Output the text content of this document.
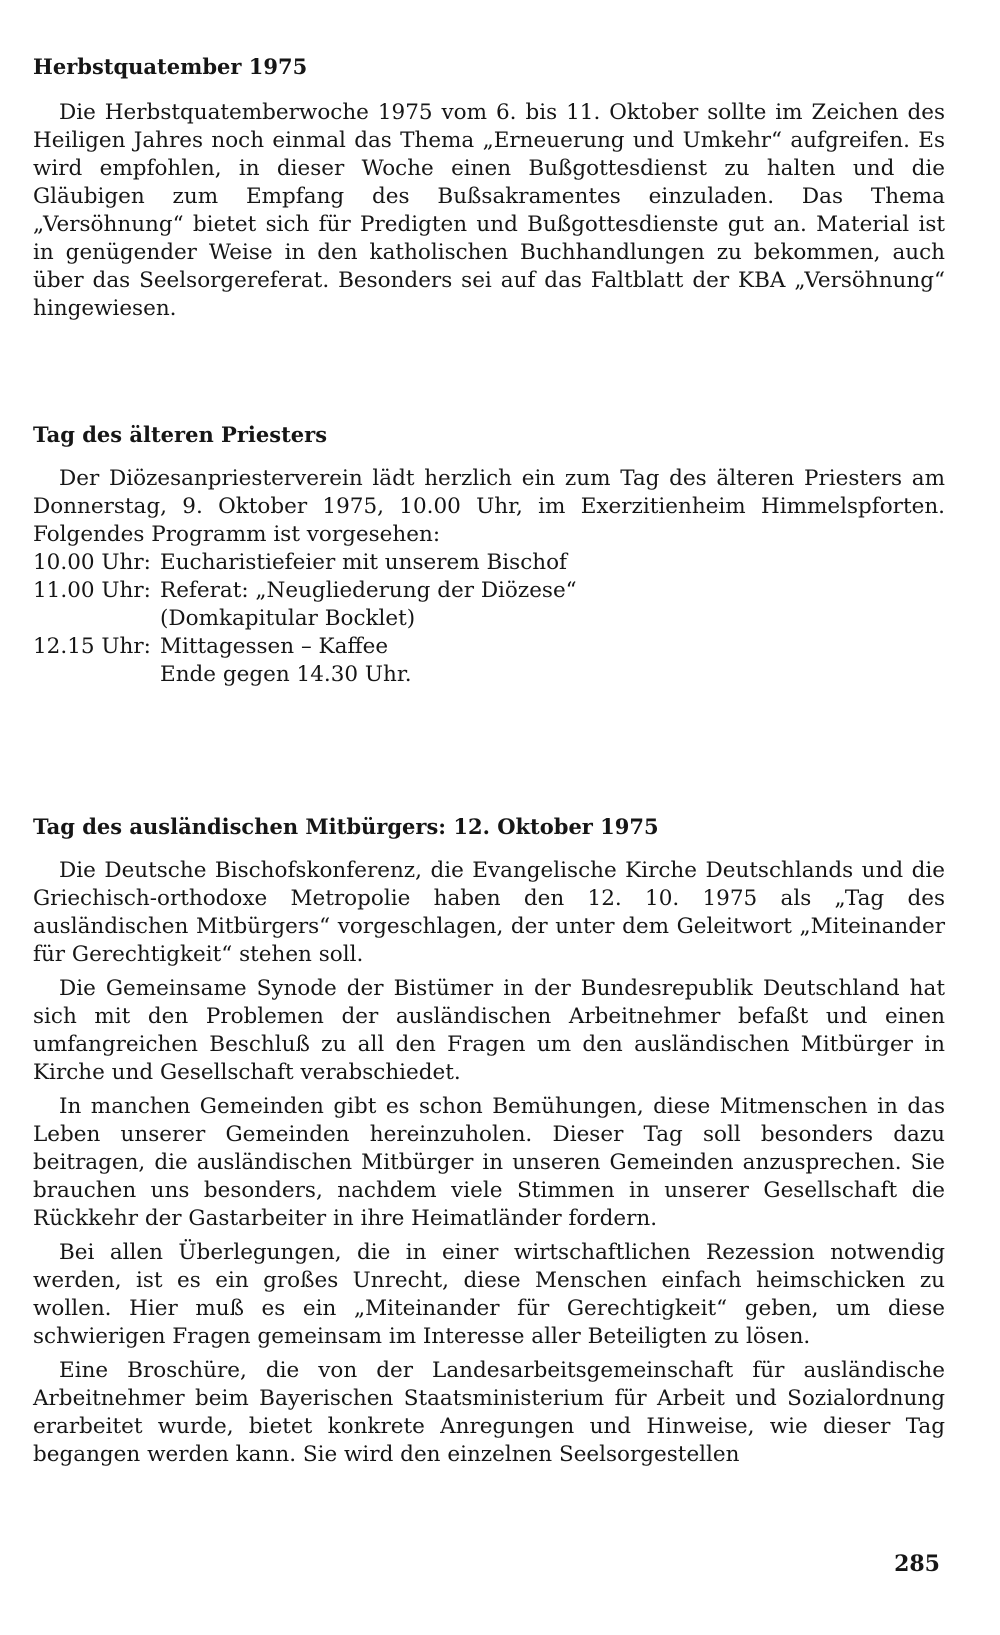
Herbstquatember 1975

Die Herbstquatemberwoche 1975 vom 6. bis 11. Oktober sollte im Zeichen des Heiligen Jahres noch einmal das Thema „Erneuerung und Umkehr“ aufgreifen. Es wird empfohlen, in dieser Woche einen Bußgottesdienst zu halten und die Gläubigen zum Empfang des Bußsakramentes einzuladen. Das Thema „Versöhnung“ bietet sich für Predigten und Bußgottesdienste gut an. Material ist in genügender Weise in den katholischen Buchhandlungen zu bekommen, auch über das Seelsorgereferat. Besonders sei auf das Faltblatt der KBA „Versöhnung“ hingewiesen.

Tag des älteren Priesters

Der Diözesanpriesterverein lädt herzlich ein zum Tag des älteren Priesters am Donnerstag, 9. Oktober 1975, 10.00 Uhr, im Exerzitienheim Himmelspforten. Folgendes Programm ist vorgesehen:

10.00 Uhr: Eucharistiefeier mit unserem Bischof
11.00 Uhr: Referat: „Neugliederung der Diözese“
(Domkapitular Bocklet)
12.15 Uhr: Mittagessen – Kaffee
Ende gegen 14.30 Uhr.
Tag des ausländischen Mitbürgers: 12. Oktober 1975

Die Deutsche Bischofskonferenz, die Evangelische Kirche Deutschlands und die Griechisch-orthodoxe Metropolie haben den 12. 10. 1975 als „Tag des ausländischen Mitbürgers“ vorgeschlagen, der unter dem Geleitwort „Miteinander für Gerechtigkeit“ stehen soll.

Die Gemeinsame Synode der Bistümer in der Bundesrepublik Deutschland hat sich mit den Problemen der ausländischen Arbeitnehmer befaßt und einen umfangreichen Beschluß zu all den Fragen um den ausländischen Mitbürger in Kirche und Gesellschaft verabschiedet.

In manchen Gemeinden gibt es schon Bemühungen, diese Mitmenschen in das Leben unserer Gemeinden hereinzuholen. Dieser Tag soll besonders dazu beitragen, die ausländischen Mitbürger in unseren Gemeinden anzusprechen. Sie brauchen uns besonders, nachdem viele Stimmen in unserer Gesellschaft die Rückkehr der Gastarbeiter in ihre Heimatländer fordern.

Bei allen Überlegungen, die in einer wirtschaftlichen Rezession notwendig werden, ist es ein großes Unrecht, diese Menschen einfach heimschicken zu wollen. Hier muß es ein „Miteinander für Gerechtigkeit“ geben, um diese schwierigen Fragen gemeinsam im Interesse aller Beteiligten zu lösen.

Eine Broschüre, die von der Landesarbeitsgemeinschaft für ausländische Arbeitnehmer beim Bayerischen Staatsministerium für Arbeit und Sozialordnung erarbeitet wurde, bietet konkrete Anregungen und Hinweise, wie dieser Tag begangen werden kann. Sie wird den einzelnen Seelsorgestellen

285
